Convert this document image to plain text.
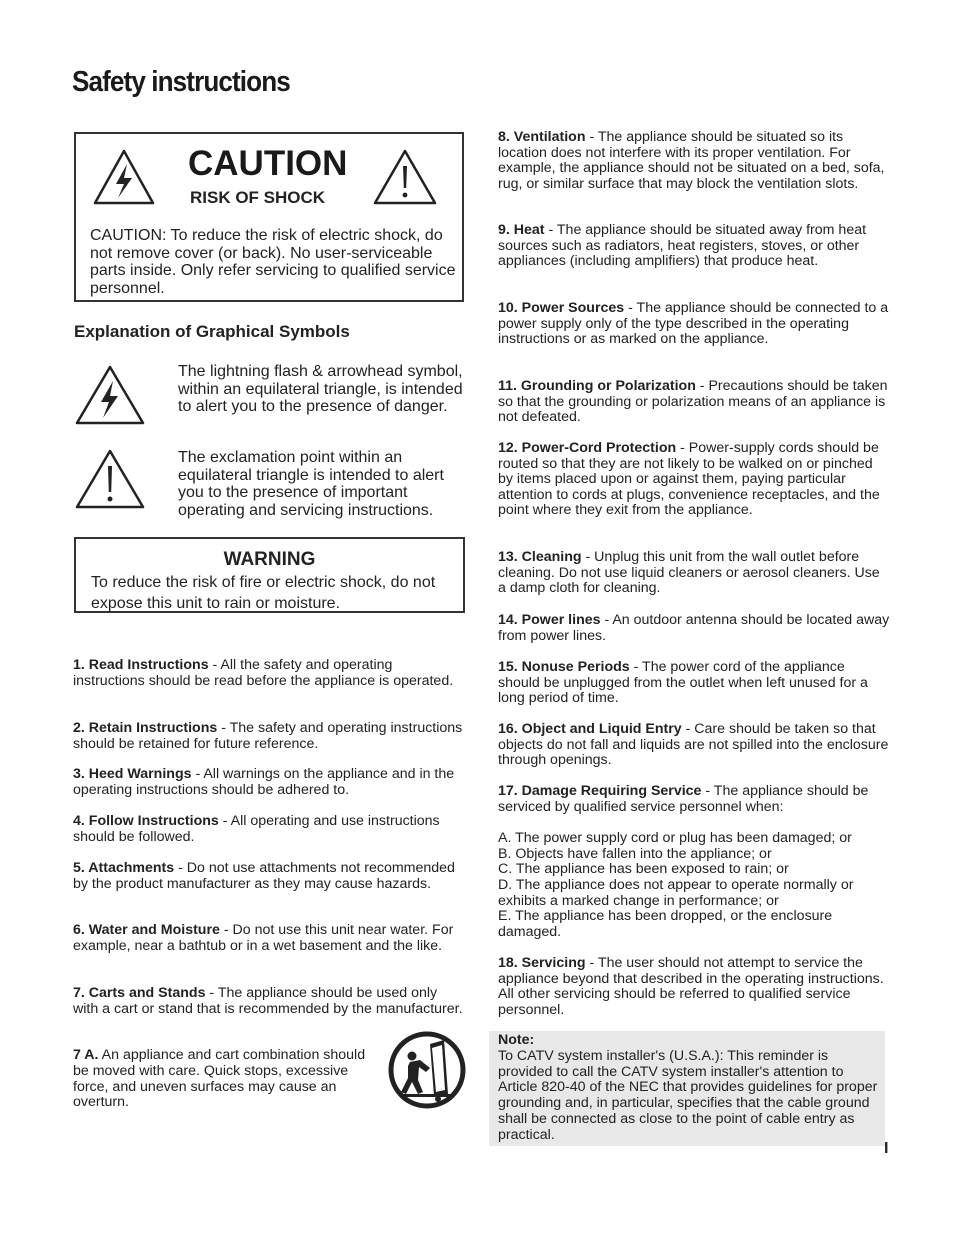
Safety instructions
CAUTION
RISK OF SHOCK
CAUTION: To reduce the risk of electric shock, do not remove cover (or back). No user-serviceable parts inside. Only refer servicing to qualified service personnel.
Explanation of Graphical Symbols
The lightning flash & arrowhead symbol, within an equilateral triangle, is intended to alert you to the presence of danger.
The exclamation point within an equilateral triangle is intended to alert you to the presence of important operating and servicing instructions.
WARNING
To reduce the risk of fire or electric shock, do not expose this unit to rain or moisture.
1. Read Instructions - All the safety and operating instructions should be read before the appliance is operated.
2. Retain Instructions - The safety and operating instructions should be retained for future reference.
3. Heed Warnings - All warnings on the appliance and in the operating instructions should be adhered to.
4. Follow Instructions - All operating and use instructions should be followed.
5. Attachments - Do not use attachments not recommended by the product manufacturer as they may cause hazards.
6. Water and Moisture - Do not use this unit near water. For example, near a bathtub or in a wet basement and the like.
7. Carts and Stands - The appliance should be used only with a cart or stand that is recommended by the manufacturer.
7 A. An appliance and cart combination should be moved with care. Quick stops, excessive force, and uneven surfaces may cause an overturn.
8. Ventilation - The appliance should be situated so its location does not interfere with its proper ventilation. For example, the appliance should not be situated on a bed, sofa, rug, or similar surface that may block the ventilation slots.
9. Heat - The appliance should be situated away from heat sources such as radiators, heat registers, stoves, or other appliances (including amplifiers) that produce heat.
10. Power Sources - The appliance should be connected to a power supply only of the type described in the operating instructions or as marked on the appliance.
11. Grounding or Polarization - Precautions should be taken so that the grounding or polarization means of an appliance is not defeated.
12. Power-Cord Protection - Power-supply cords should be routed so that they are not likely to be walked on or pinched by items placed upon or against them, paying particular attention to cords at plugs, convenience receptacles, and the point where they exit from the appliance.
13. Cleaning - Unplug this unit from the wall outlet before cleaning. Do not use liquid cleaners or aerosol cleaners. Use a damp cloth for cleaning.
14. Power lines - An outdoor antenna should be located away from power lines.
15. Nonuse Periods - The power cord of the appliance should be unplugged from the outlet when left unused for a long period of time.
16. Object and Liquid Entry - Care should be taken so that objects do not fall and liquids are not spilled into the enclosure through openings.
17. Damage Requiring Service - The appliance should be serviced by qualified service personnel when:
A. The power supply cord or plug has been damaged; or
B. Objects have fallen into the appliance; or
C. The appliance has been exposed to rain; or
D. The appliance does not appear to operate normally or exhibits a marked change in performance; or
E. The appliance has been dropped, or the enclosure damaged.
18. Servicing - The user should not attempt to service the appliance beyond that described in the operating instructions. All other servicing should be referred to qualified service personnel.
Note:
To CATV system installer's (U.S.A.): This reminder is provided to call the CATV system installer's attention to Article 820-40 of the NEC that provides guidelines for proper grounding and, in particular, specifies that the cable ground shall be connected as close to the point of cable entry as practical.
I
